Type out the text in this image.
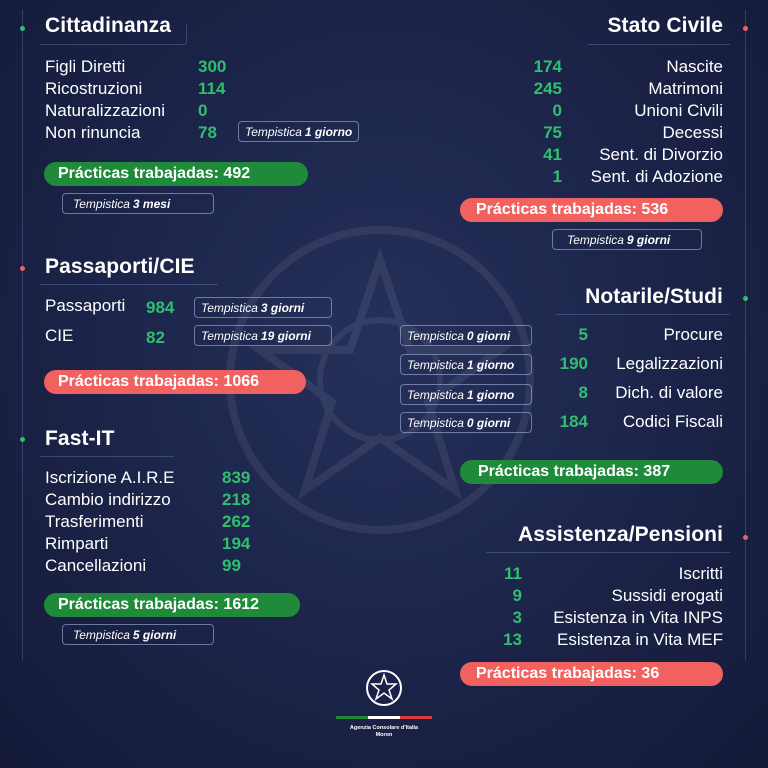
Cittadinanza
Figli Diretti	300
Ricostruzioni	114
Naturalizzazioni 0
Non rinuncia	78 Tempistica 1 giorno
Prácticas trabajadas: 492
Tempistica 3 mesi
Stato Civile
174	Nascite
245	Matrimoni
0	Unioni Civili
75	Decessi
41	Sent. di Divorzio
1	Sent. di Adozione
Prácticas trabajadas: 536
Tempistica 9 giorni
Passaporti/CIE
Passaporti 984 Tempistica 3 giorni
CIE	82	Tempistica 19 giorni
Prácticas trabajadas: 1066
Notarile/Studi
Tempistica 0 giorni	5	Procure
Tempistica 1 giorno	190	Legalizzazioni
Tempistica 1 giorno	8	Dich. di valore
Tempistica 0 giorni	184	Codici Fiscali
Prácticas trabajadas: 387
Fast-IT
Iscrizione A.I.R.E	839
Cambio indirizzo	218
Trasferimenti	262
Rimparti	194
Cancellazioni	99
Prácticas trabajadas: 1612
Tempistica 5 giorni
Assistenza/Pensioni
11	Iscritti
9	Sussidi erogati
3	Esistenza in Vita INPS
13	Esistenza in Vita MEF
Prácticas trabajadas: 36
Agenzia Consolare d'Italia
Moron
